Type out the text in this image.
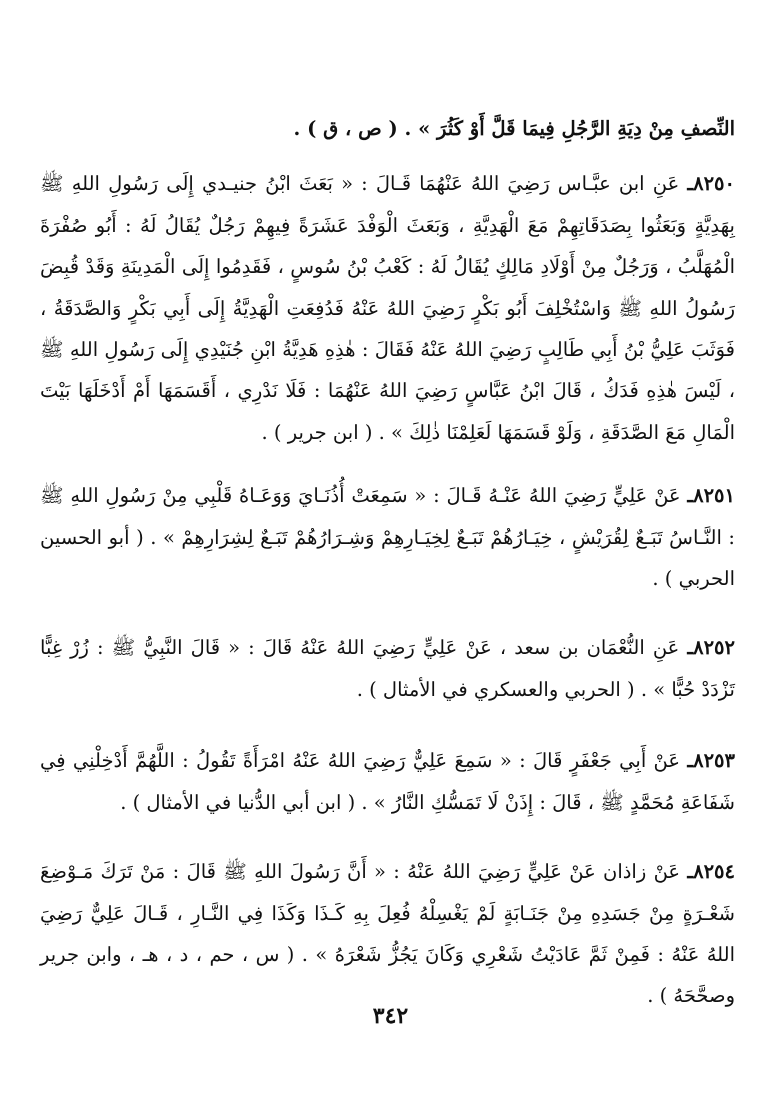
النِّصفِ مِنْ دِيَةِ الرَّجُلِ فِيمَا قَلَّ أَوْ كَثُرَ » . ( ص ، ق ) .

٨٢٥٠ـ عَنِ ابن عبَّـاس رَضِيَ اللهُ عَنْهُمَا قَـالَ : « بَعَثَ ابْنُ جنيـدي إِلَى رَسُولِ اللهِ ﷺ بِهَدِيَّةٍ وَبَعَثُوا بِصَدَقَاتِهِمْ مَعَ الْهَدِيَّةِ ، وَبَعَثَ الْوَفْدَ عَشَرَةً فِيهِمْ رَجُلٌ يُقَالُ لَهُ : أَبُو صُفْرَةَ الْمُهَلَّبُ ، وَرَجُلٌ مِنْ أَوْلَادِ مَالِكٍ يُقَالُ لَهُ : كَعْبُ بْنُ سُوسٍ ، فَقَدِمُوا إِلَى الْمَدِينَةِ وَقَدْ قُبِضَ رَسُولُ اللهِ ﷺ وَاسْتُخْلِفَ أَبُو بَكْرٍ رَضِيَ اللهُ عَنْهُ فَدُفِعَتِ الْهَدِيَّةُ إِلَى أَبِي بَكْرٍ وَالصَّدَقَةُ ، فَوَثَبَ عَلِيُّ بْنُ أَبِي طَالِبٍ رَضِيَ اللهُ عَنْهُ فَقَالَ : هٰذِهِ هَدِيَّةُ ابْنِ جُنَيْدِي إِلَى رَسُولِ اللهِ ﷺ ، لَيْسَ هٰذِهِ فَدَكُ ، قَالَ ابْنُ عَبَّاسٍ رَضِيَ اللهُ عَنْهُمَا : فَلَا نَدْرِي ، أَقَسَمَهَا أَمْ أَدْخَلَهَا بَيْتَ الْمَالِ مَعَ الصَّدَقَةِ ، وَلَوْ قَسَمَهَا لَعَلِمْنَا ذٰلِكَ » . ( ابن جرير ) .

٨٢٥١ـ عَنْ عَلِيٍّ رَضِيَ اللهُ عَنْـهُ قَـالَ : « سَمِعَتْ أُذُنَـايَ وَوَعَـاهُ قَلْبِي مِنْ رَسُولِ اللهِ ﷺ : النَّـاسُ تَبَـعٌ لِقُرَيْشٍ ، خِيَـارُهُمْ تَبَـعٌ لِخِيَـارِهِمْ وَشِـرَارُهُمْ تَبَـعٌ لِشِرَارِهِمْ » . ( أبو الحسين الحربي ) .

٨٢٥٢ـ عَنِ النُّعْمَان بن سعد ، عَنْ عَلِيٍّ رَضِيَ اللهُ عَنْهُ قَالَ : « قَالَ النَّبِيُّ ﷺ : زُرْ غِبًّا تَزْدَدْ حُبًّا » . ( الحربي والعسكري في الأمثال ) .

٨٢٥٣ـ عَنْ أَبِي جَعْفَرٍ قَالَ : « سَمِعَ عَلِيٌّ رَضِيَ اللهُ عَنْهُ امْرَأَةً تَقُولُ : اللَّهُمَّ أَدْخِلْنِي فِي شَفَاعَةِ مُحَمَّدٍ ﷺ ، قَالَ : إِذَنْ لَا تَمَسُّكِ النَّارُ » . ( ابن أبي الدُّنيا في الأمثال ) .

٨٢٥٤ـ عَنْ زاذان عَنْ عَلِيٍّ رَضِيَ اللهُ عَنْهُ : « أَنَّ رَسُولَ اللهِ ﷺ قَالَ : مَنْ تَرَكَ مَـوْضِعَ شَعْـرَةٍ مِنْ جَسَدِهِ مِنْ جَنَـابَةٍ لَمْ يَغْسِلْهُ فُعِلَ بِهِ كَـذَا وَكَذَا فِي النَّـارِ ، قَـالَ عَلِيٌّ رَضِيَ اللهُ عَنْهُ : فَمِنْ ثَمَّ عَادَيْتُ شَعْرِي وَكَانَ يَجُزُّ شَعْرَهُ » . ( س ، حم ، د ، هـ ، وابن جرير وصحَّحَهُ ) .

٣٤٢
